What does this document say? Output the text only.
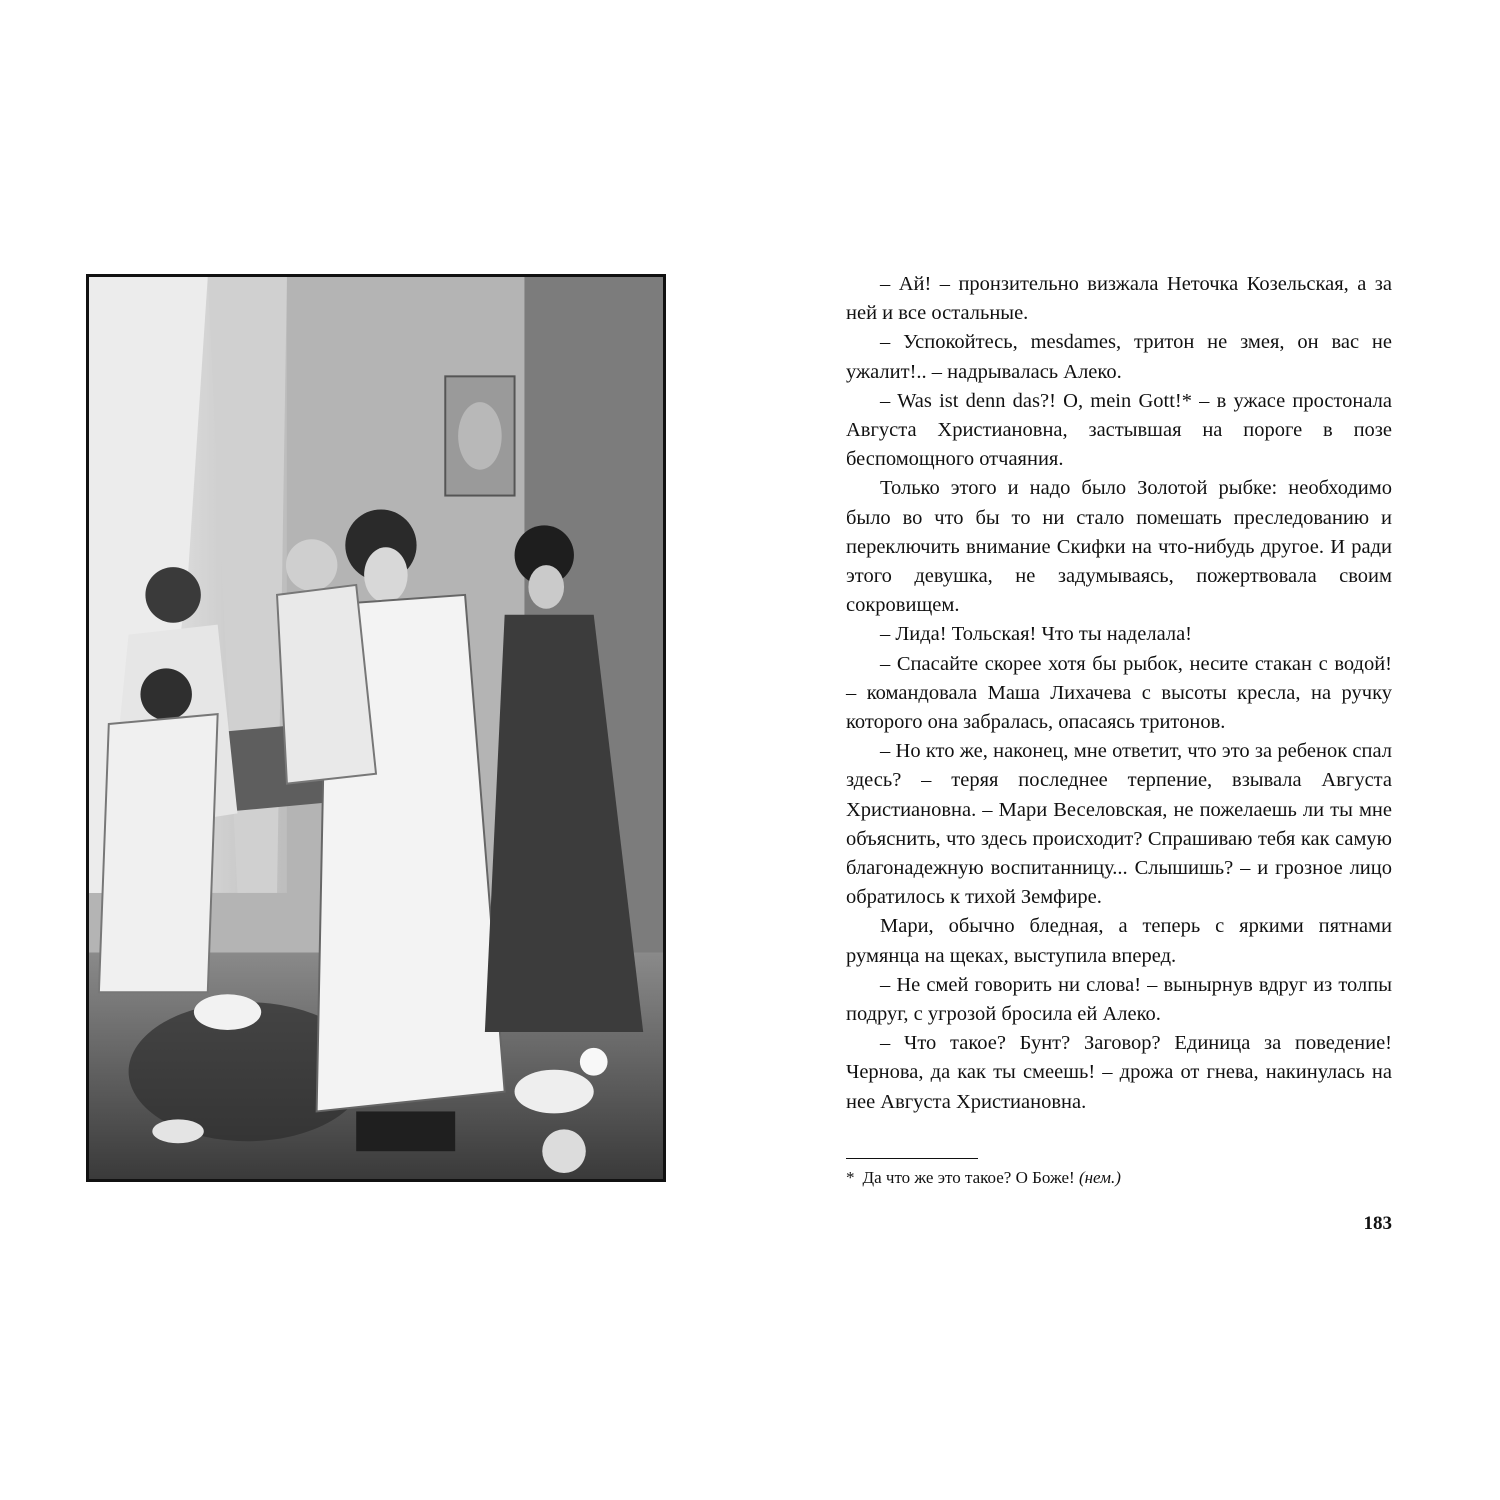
– Ай! – пронзительно визжала Неточка Козельская, а за ней и все остальные.

– Успокойтесь, mesdames, тритон не змея, он вас не ужалит!.. – надрывалась Алеко.

– Was ist denn das?! O, mein Gott!* – в ужасе простонала Августа Христиановна, застывшая на пороге в позе беспомощного отчаяния.

Только этого и надо было Золотой рыбке: необходимо было во что бы то ни стало помешать преследованию и переключить внимание Скифки на что-нибудь другое. И ради этого девушка, не задумываясь, пожертвовала своим сокровищем.

– Лида! Тольская! Что ты наделала!

– Спасайте скорее хотя бы рыбок, несите стакан с водой! – командовала Маша Лихачева с высоты кресла, на ручку которого она забралась, опасаясь тритонов.

– Но кто же, наконец, мне ответит, что это за ребенок спал здесь? – теряя последнее терпение, взывала Августа Христиановна. – Мари Веселовская, не пожелаешь ли ты мне объяснить, что здесь происходит? Спрашиваю тебя как самую благонадежную воспитанницу... Слышишь? – и грозное лицо обратилось к тихой Земфире.

Мари, обычно бледная, а теперь с яркими пятнами румянца на щеках, выступила вперед.

– Не смей говорить ни слова! – вынырнув вдруг из толпы подруг, с угрозой бросила ей Алеко.

– Что такое? Бунт? Заговор? Единица за поведение! Чернова, да как ты смеешь! – дрожа от гнева, накинулась на нее Августа Христиановна.

* Да что же это такое? О Боже! (нем.)
183
